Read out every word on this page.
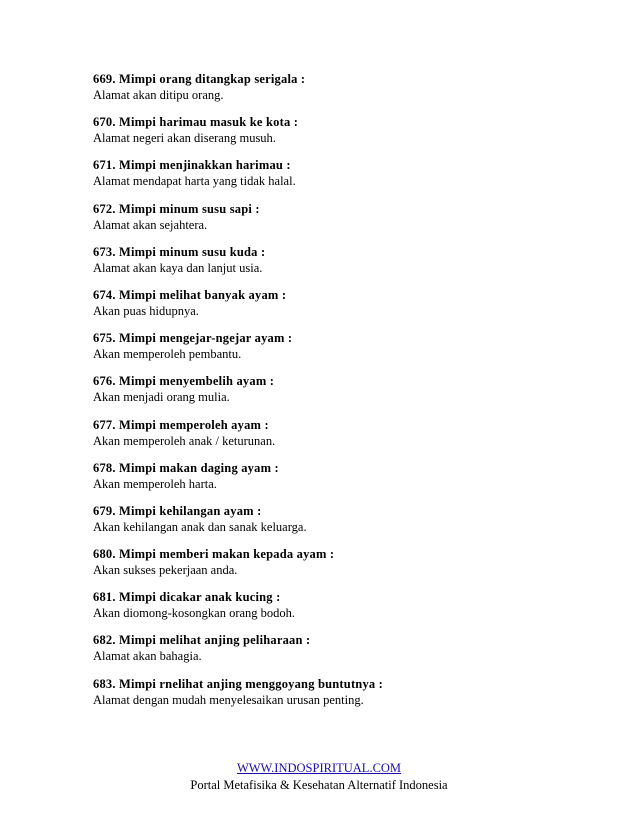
669. Mimpi orang ditangkap serigala :
Alamat akan ditipu orang.
670. Mimpi harimau masuk ke kota :
Alamat negeri akan diserang musuh.
671. Mimpi menjinakkan harimau :
Alamat mendapat harta yang tidak halal.
672. Mimpi minum susu sapi :
Alamat akan sejahtera.
673. Mimpi minum susu kuda :
Alamat akan kaya dan lanjut usia.
674. Mimpi melihat banyak ayam :
Akan puas hidupnya.
675. Mimpi mengejar-ngejar ayam :
Akan memperoleh pembantu.
676. Mimpi menyembelih ayam :
Akan menjadi orang mulia.
677. Mimpi memperoleh ayam :
Akan memperoleh anak / keturunan.
678. Mimpi makan daging ayam :
Akan memperoleh harta.
679. Mimpi kehilangan ayam :
Akan kehilangan anak dan sanak keluarga.
680. Mimpi memberi makan kepada ayam :
Akan sukses pekerjaan anda.
681. Mimpi dicakar anak kucing :
Akan diomong-kosongkan orang bodoh.
682. Mimpi melihat anjing peliharaan :
Alamat akan bahagia.
683. Mimpi rnelihat anjing menggoyang buntutnya :
Alamat dengan mudah menyelesaikan urusan penting.
WWW.INDOSPIRITUAL.COM
Portal Metafisika & Kesehatan Alternatif Indonesia
